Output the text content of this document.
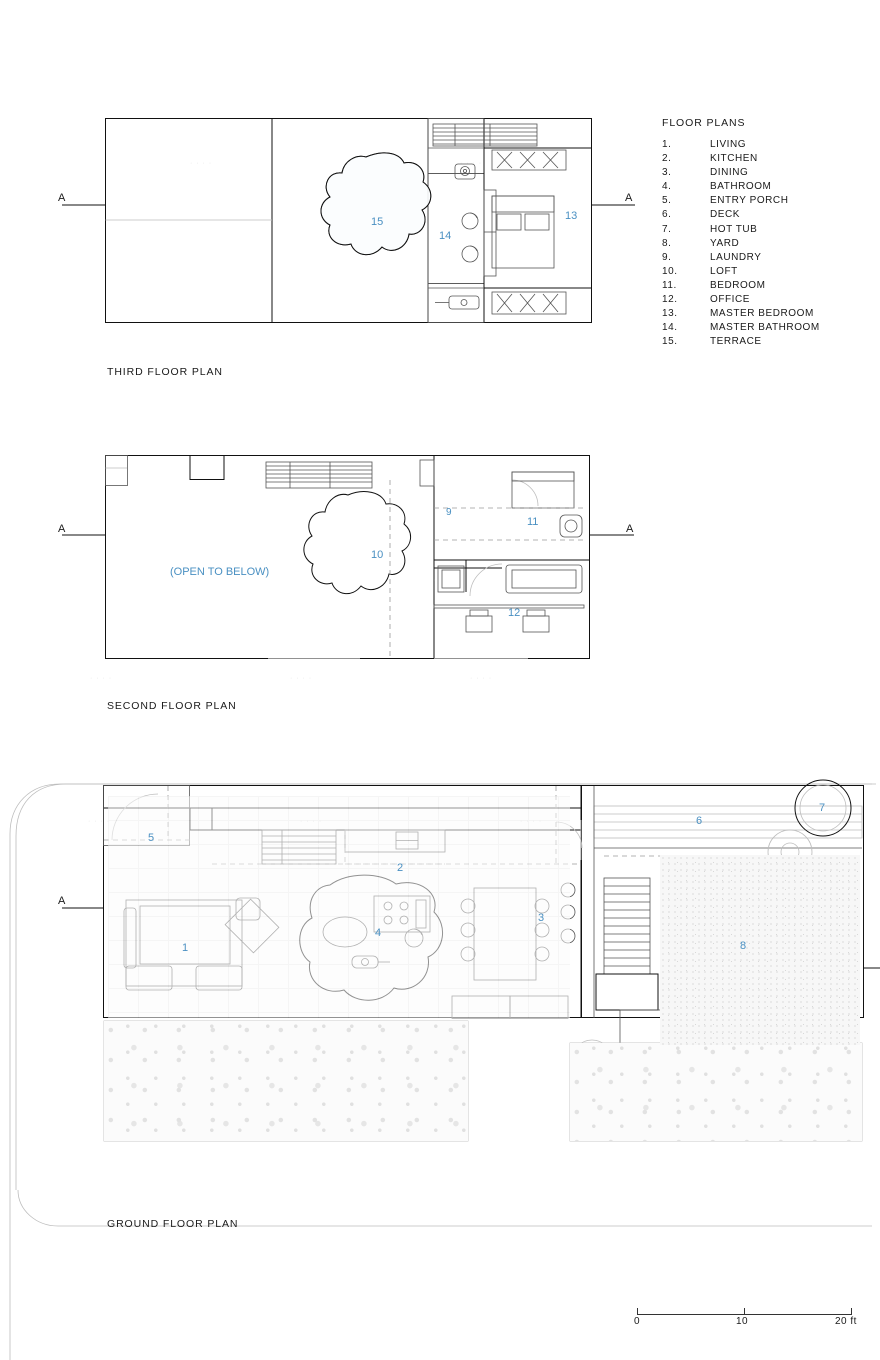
FLOOR PLANS
1.	LIVING
2.	KITCHEN
3.	DINING
4.	BATHROOM
5.	ENTRY PORCH
6.	DECK
7.	HOT TUB
8.	YARD
9.	LAUNDRY
10.	LOFT
11.	BEDROOM
12.	OFFICE
13.	MASTER BEDROOM
14.	MASTER BATHROOM
15.	TERRACE
A	A
15
14
13
THIRD FLOOR PLAN
· · · ·	· · · ·
A	A
(OPEN TO BELOW)
10
9
11
12
SECOND FLOOR PLAN
· · · ·	· · · ·	· · · ·
A
1
2
3
4
5
6
7
8
GROUND FLOOR PLAN
· · · ·	· · · ·	· · · ·
0	10	20 ft
